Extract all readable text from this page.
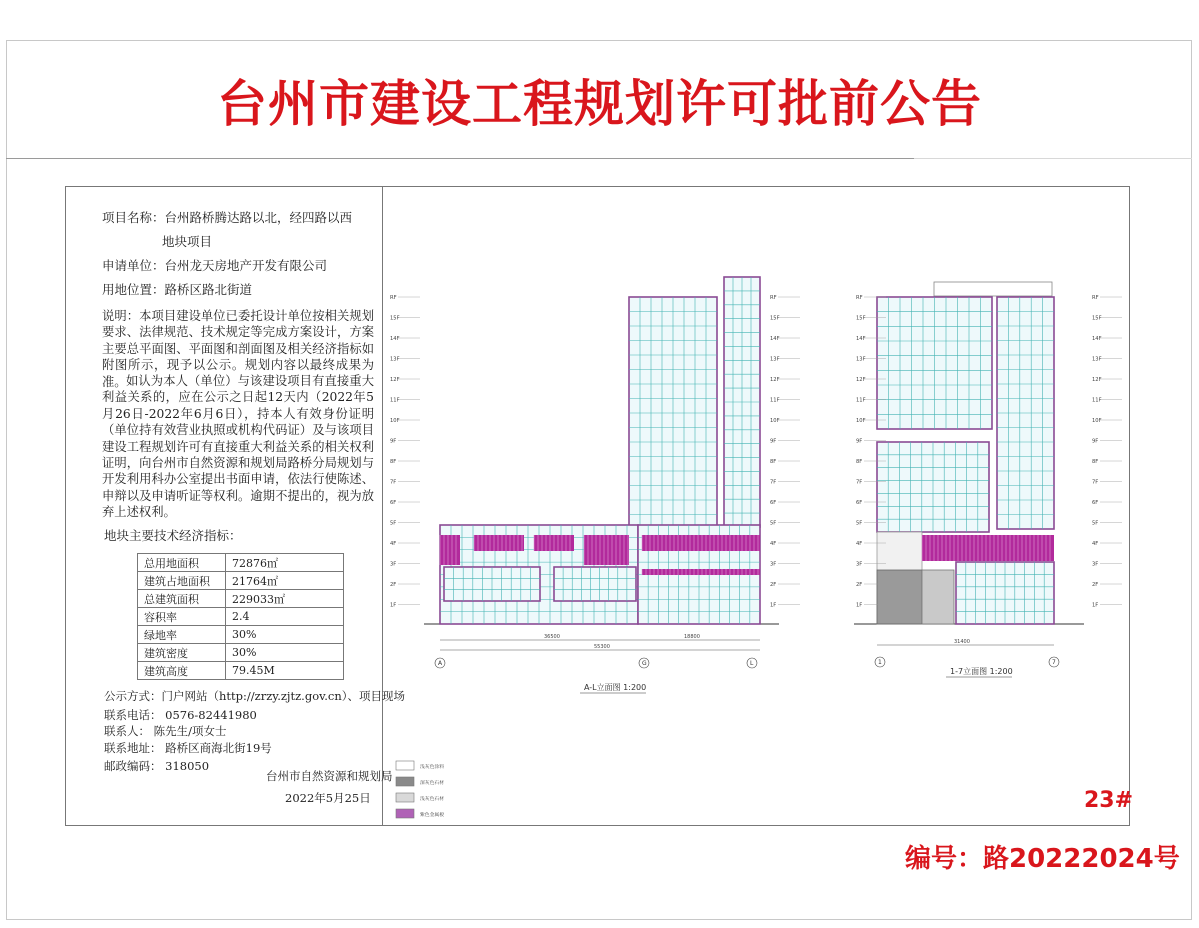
台州市建设工程规划许可批前公告
项目名称：台州路桥腾达路以北，经四路以西
地块项目
申请单位：台州龙天房地产开发有限公司
用地位置：路桥区路北街道
说明：本项目建设单位已委托设计单位按相关规划要求、法律规范、技术规定等完成方案设计，方案主要总平面图、平面图和剖面图及相关经济指标如附图所示，现予以公示。规划内容以最终成果为准。 如认为本人（单位）与该建设项目有直接重大利益关系的，应在公示之日起12天内（2022年5月26日-2022年6月6日），持本人有效身份证明（单位持有效营业执照或机构代码证）及与该项目建设工程规划许可有直接重大利益关系的相关权利证明，向台州市自然资源和规划局路桥分局规划与开发利用科办公室提出书面申请，依法行使陈述、申辩以及申请听证等权利。逾期不提出的，视为放弃上述权利。
地块主要技术经济指标：
总用地面积	72876㎡
建筑占地面积	21764㎡
总建筑面积	229033㎡
容积率	2.4
绿地率	30%
建筑密度	30%
建筑高度	79.45M
公示方式：门户网站（http://zrzy.zjtz.gov.cn）、项目现场
联系电话： 0576-82441980
联系人： 陈先生/项女士
联系地址： 路桥区商海北街19号
邮政编码： 318050
台州市自然资源和规划局
2022年5月25日
RF	RF	RF	RF
15F	15F	15F	15F
14F	14F	14F	14F
13F	13F	13F	13F
12F	12F	12F	12F
11F	11F	11F	11F
10F	10F	10F	10F
9F	9F	9F	9F
8F	8F	8F	8F
7F	7F	7F	7F
6F	6F	6F	6F
5F	5F	5F	5F
4F	4F	4F	4F
3F	3F	3F	3F
2F	2F	2F	2F
1F	1F	1F	1F
36500	18800
55300
31400
A	G	L	1	7
A-L立面图 1:200
1-7立面图 1:200
浅灰色涂料
深灰色石材
浅灰色石材
紫色金属板
23#
编号：路20222024号
